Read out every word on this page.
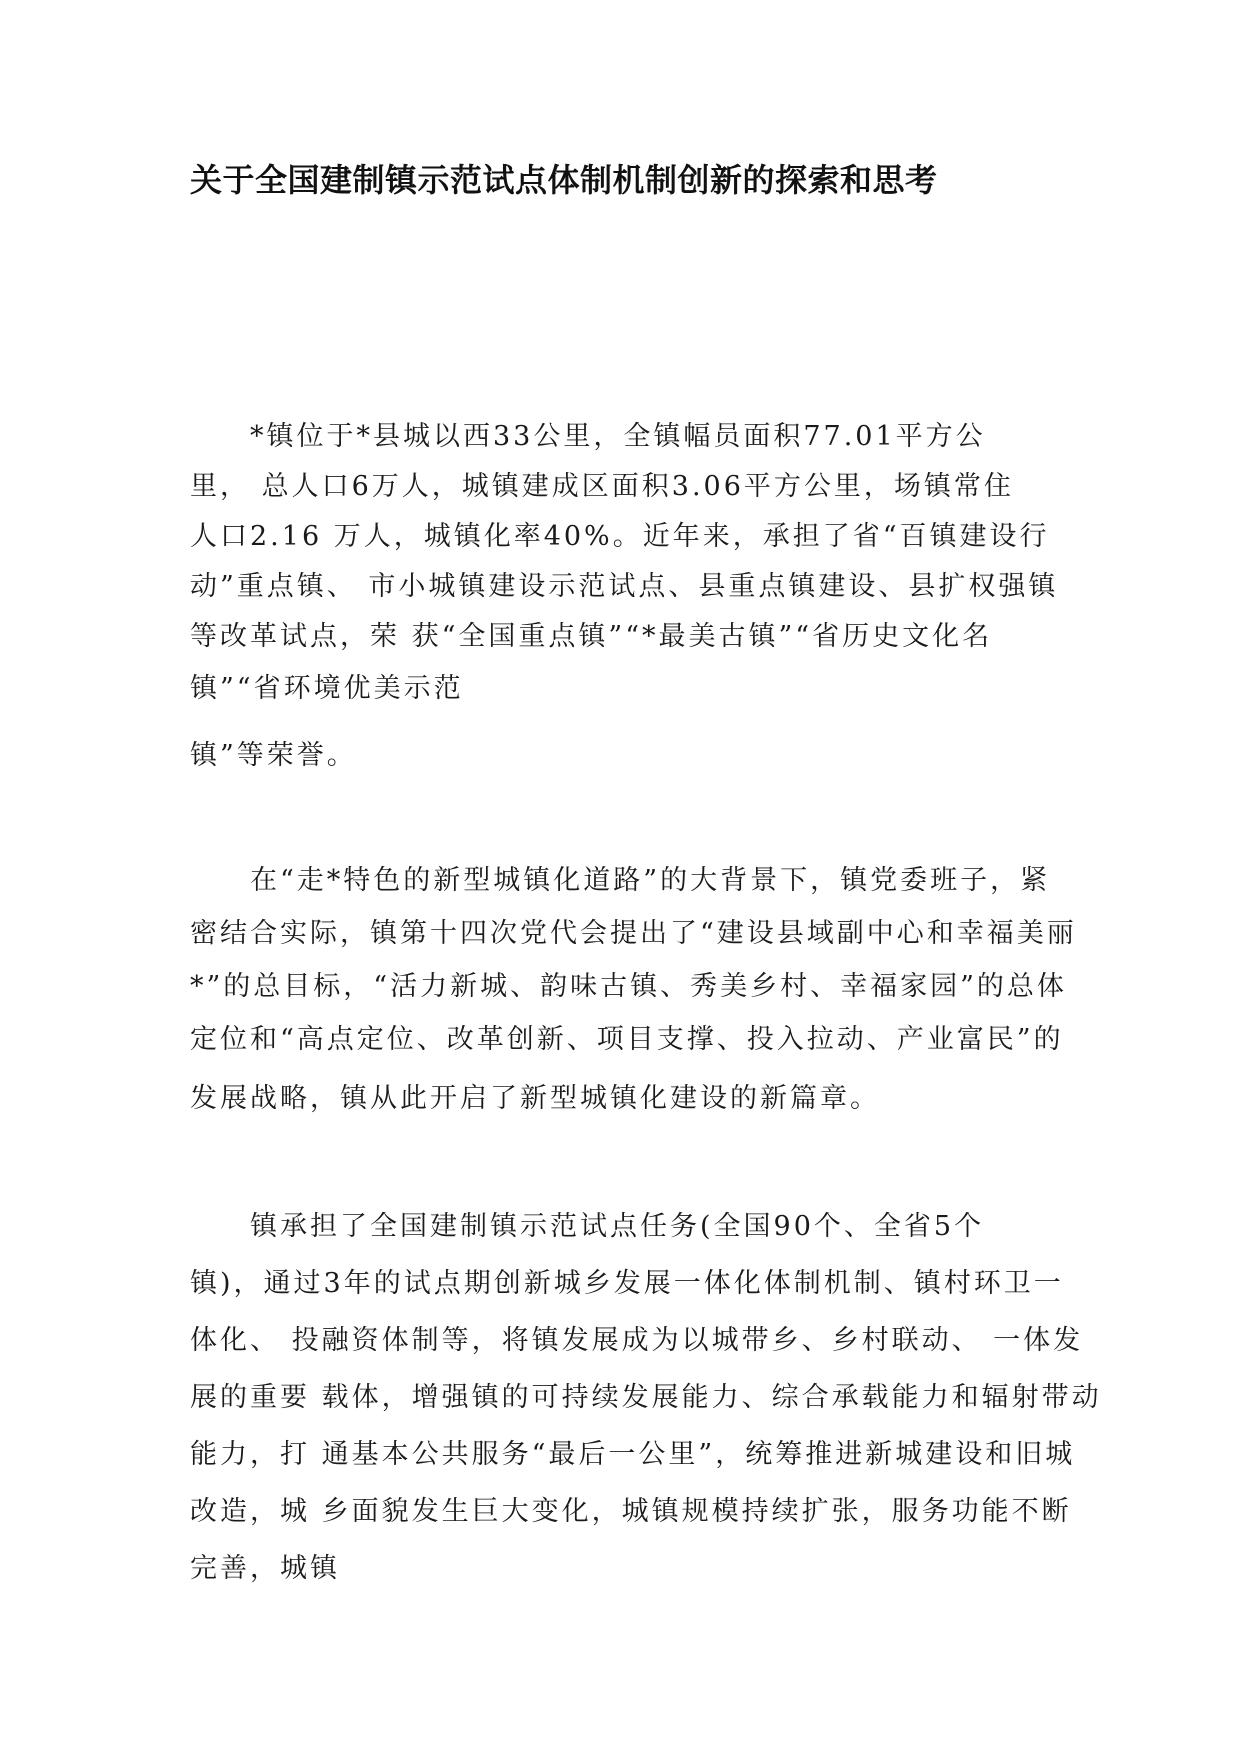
关于全国建制镇示范试点体制机制创新的探索和思考
*镇位于*县城以西33公里，全镇幅员面积77.01平方公
里， 总人口6万人，城镇建成区面积3.06平方公里，场镇常住
人口2.16 万人，城镇化率40%。近年来，承担了省“百镇建设行
动”重点镇、 市小城镇建设示范试点、县重点镇建设、县扩权强镇
等改革试点，荣 获“全国重点镇”“*最美古镇”“省历史文化名
镇”“省环境优美示范
镇”等荣誉。
在“走*特色的新型城镇化道路”的大背景下，镇党委班子，紧
密结合实际，镇第十四次党代会提出了“建设县域副中心和幸福美丽
*”的总目标，“活力新城、韵味古镇、秀美乡村、幸福家园”的总体
定位和“高点定位、改革创新、项目支撑、投入拉动、产业富民”的
发展战略，镇从此开启了新型城镇化建设的新篇章。
镇承担了全国建制镇示范试点任务(全国90个、全省5个
镇)，通过3年的试点期创新城乡发展一体化体制机制、镇村环卫一
体化、 投融资体制等，将镇发展成为以城带乡、乡村联动、 一体发
展的重要 载体，增强镇的可持续发展能力、综合承载能力和辐射带动
能力，打 通基本公共服务“最后一公里”，统筹推进新城建设和旧城
改造，城 乡面貌发生巨大变化，城镇规模持续扩张，服务功能不断
完善，城镇
